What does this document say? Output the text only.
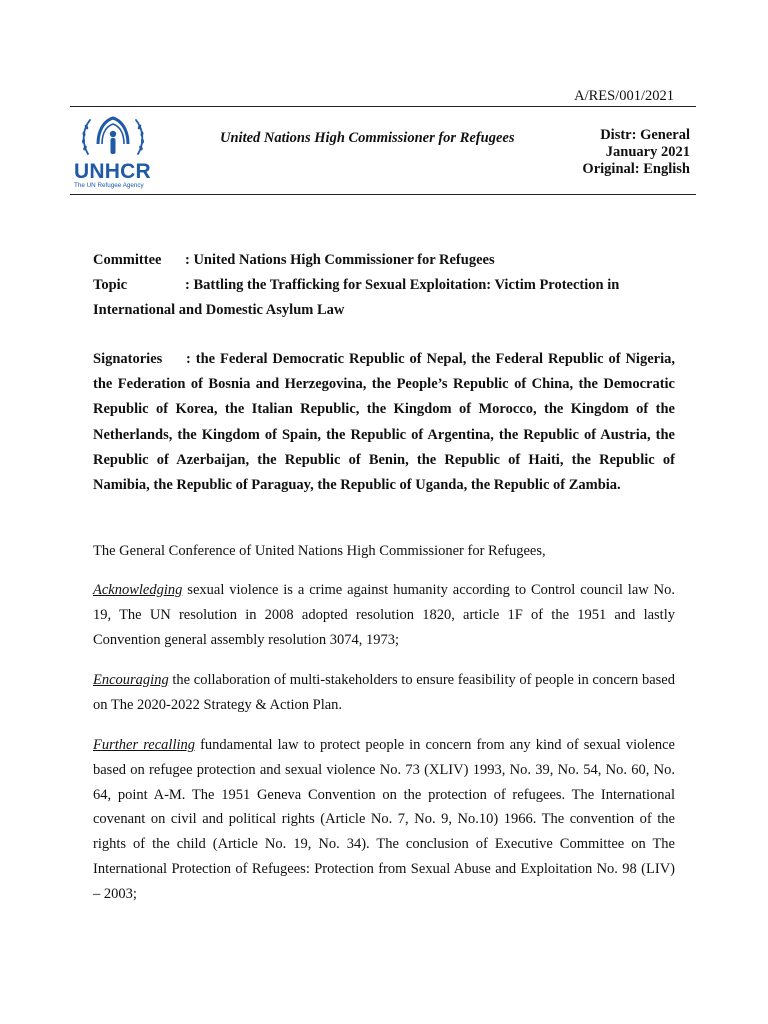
A/RES/001/2021
UNHCR
The UN Refugee Agency
United Nations High Commissioner for Refugees	Distr: General
January 2021
Original: English
Committee : United Nations High Commissioner for Refugees
Topic	: Battling the Trafficking for Sexual Exploitation: Victim Protection in International and Domestic Asylum Law
Signatories : the Federal Democratic Republic of Nepal, the Federal Republic of Nigeria, the Federation of Bosnia and Herzegovina, the People’s Republic of China, the Democratic Republic of Korea, the Italian Republic, the Kingdom of Morocco, the Kingdom of the Netherlands, the Kingdom of Spain, the Republic of Argentina, the Republic of Austria, the Republic of Azerbaijan, the Republic of Benin, the Republic of Haiti, the Republic of Namibia, the Republic of Paraguay, the Republic of Uganda, the Republic of Zambia.
The General Conference of United Nations High Commissioner for Refugees,
Acknowledging sexual violence is a crime against humanity according to Control council law No. 19, The UN resolution in 2008 adopted resolution 1820, article 1F of the 1951 and lastly Convention general assembly resolution 3074, 1973;
Encouraging the collaboration of multi-stakeholders to ensure feasibility of people in concern based on The 2020-2022 Strategy & Action Plan.
Further recalling fundamental law to protect people in concern from any kind of sexual violence based on refugee protection and sexual violence No. 73 (XLIV) 1993, No. 39, No. 54, No. 60, No. 64, point A-M. The 1951 Geneva Convention on the protection of refugees. The International covenant on civil and political rights (Article No. 7, No. 9, No.10) 1966. The convention of the rights of the child (Article No. 19, No. 34). The conclusion of Executive Committee on The International Protection of Refugees: Protection from Sexual Abuse and Exploitation No. 98 (LIV) – 2003;
